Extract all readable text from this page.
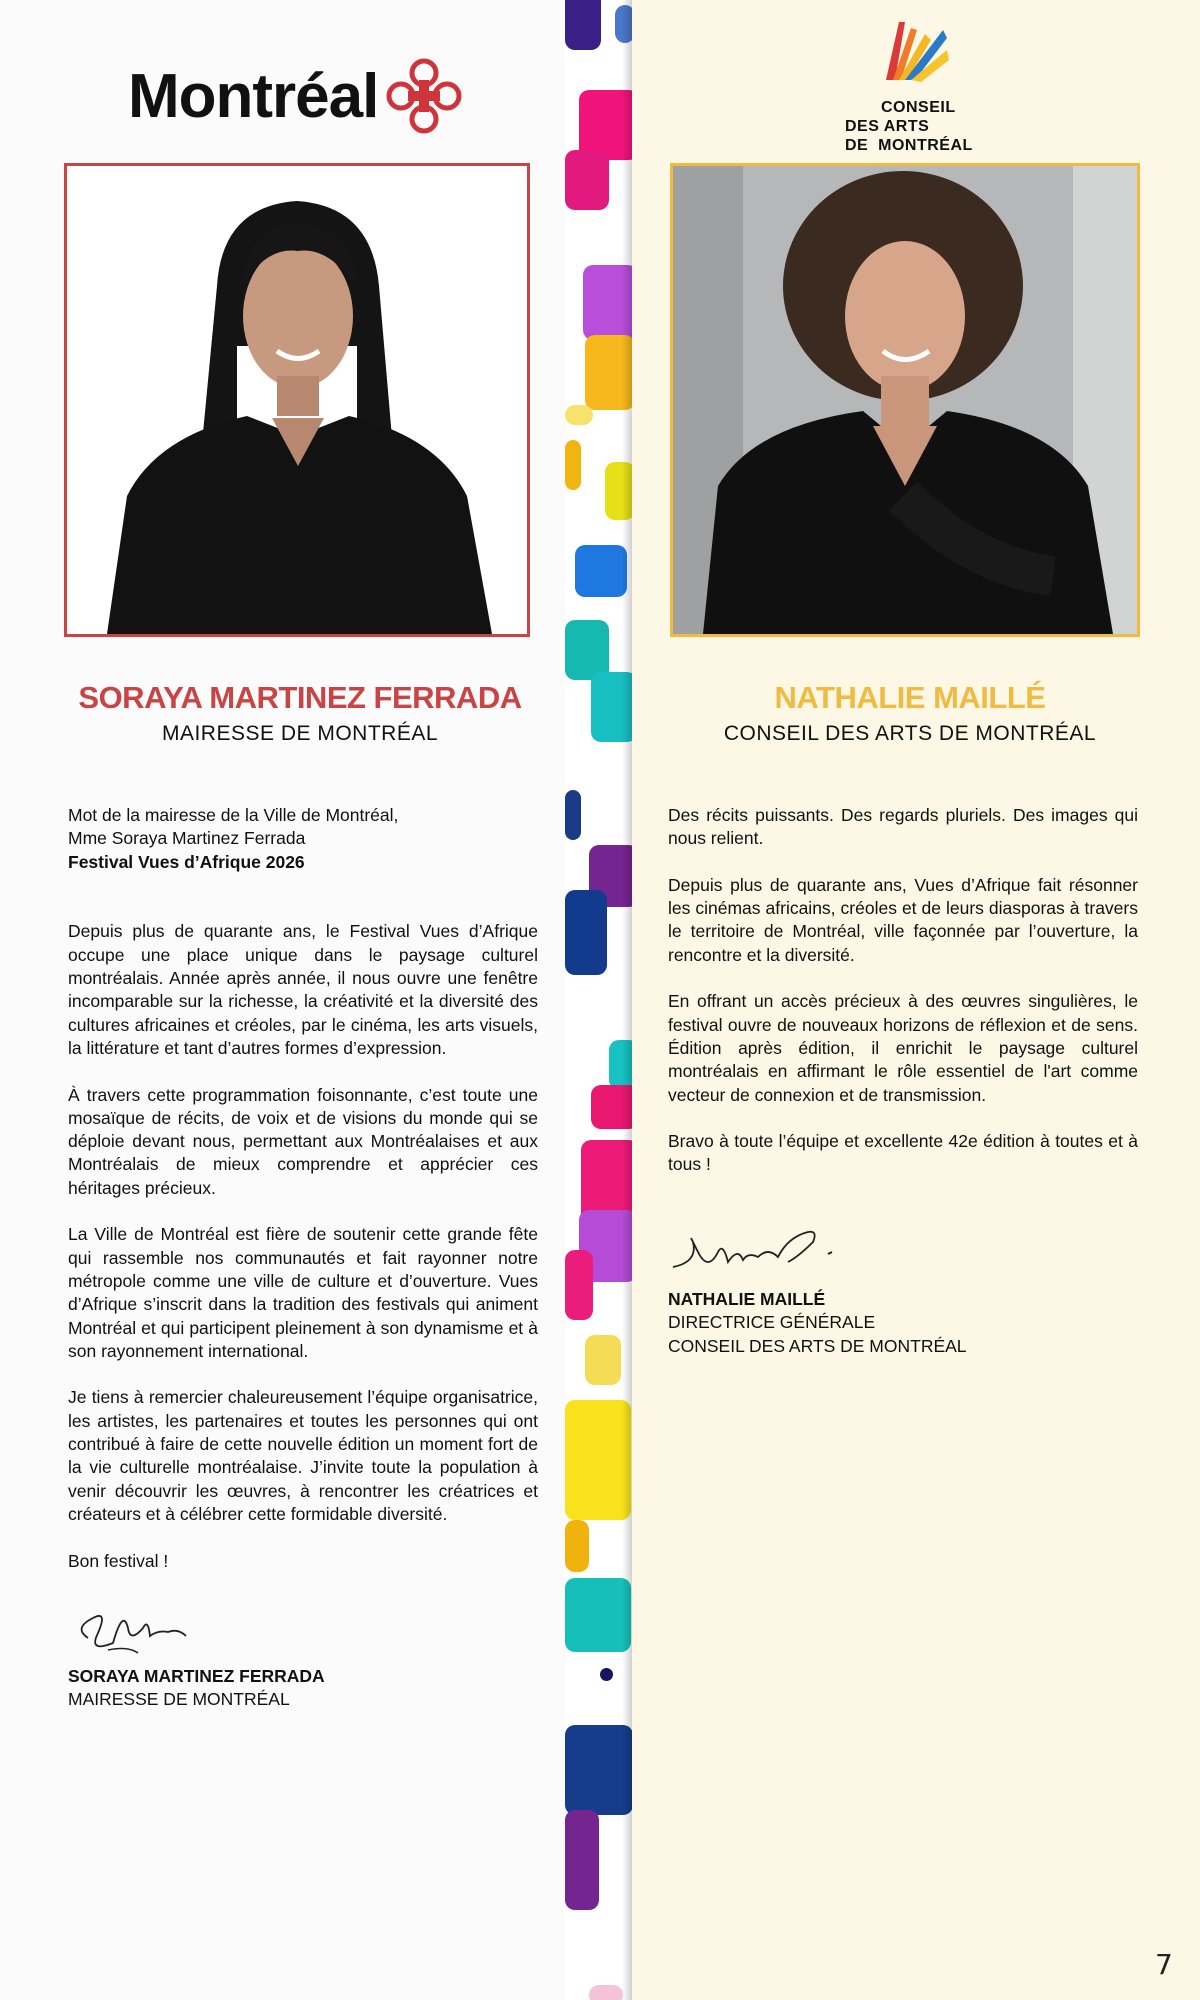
Montréal	CONSEIL
DES ARTS
DE  MONTRÉAL
SORAYA MARTINEZ FERRADA
MAIRESSE DE MONTRÉAL
NATHALIE MAILLÉ
CONSEIL DES ARTS DE MONTRÉAL
Mot de la mairesse de la Ville de Montréal,
Mme Soraya Martinez Ferrada
Festival Vues d’Afrique 2026

Depuis plus de quarante ans, le Festival Vues d’Afrique occupe une place unique dans le paysage culturel montréalais. Année après année, il nous ouvre une fenêtre incomparable sur la richesse, la créativité et la diversité des cultures africaines et créoles, par le cinéma, les arts visuels, la littérature et tant d’autres formes d’expression.

À travers cette programmation foisonnante, c’est toute une mosaïque de récits, de voix et de visions du monde qui se déploie devant nous, permettant aux Montréalaises et aux Montréalais de mieux comprendre et apprécier ces héritages précieux.

La Ville de Montréal est fière de soutenir cette grande fête qui rassemble nos communautés et fait rayonner notre métropole comme une ville de culture et d’ouverture. Vues d’Afrique s’inscrit dans la tradition des festivals qui animent Montréal et qui participent pleinement à son dynamisme et à son rayonnement international.

Je tiens à remercier chaleureusement l’équipe organisatrice, les artistes, les partenaires et toutes les personnes qui ont contribué à faire de cette nouvelle édition un moment fort de la vie culturelle montréalaise. J’invite toute la population à venir découvrir les œuvres, à rencontrer les créatrices et créateurs et à célébrer cette formidable diversité.

Bon festival !

SORAYA MARTINEZ FERRADA
MAIRESSE DE MONTRÉAL

Des récits puissants. Des regards pluriels. Des images qui nous relient.

Depuis plus de quarante ans, Vues d’Afrique fait résonner les cinémas africains, créoles et de leurs diasporas à travers le territoire de Montréal, ville façonnée par l’ouverture, la rencontre et la diversité.

En offrant un accès précieux à des œuvres singulières, le festival ouvre de nouveaux horizons de réflexion et de sens. Édition après édition, il enrichit le paysage culturel montréalais en affirmant le rôle essentiel de l'art comme vecteur de connexion et de transmission.

Bravo à toute l’équipe et excellente 42e édition à toutes et à tous !

NATHALIE MAILLÉ
DIRECTRICE GÉNÉRALE
CONSEIL DES ARTS DE MONTRÉAL
7
